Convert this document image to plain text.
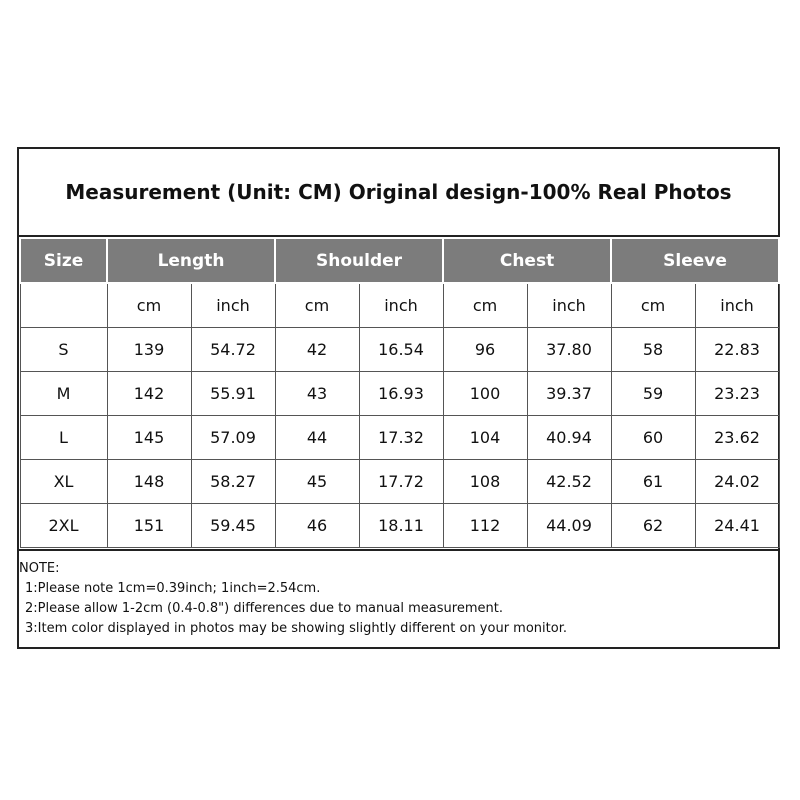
Measurement (Unit: CM) Original design-100% Real Photos
Size	Length		Shoulder		Chest		Sleeve	
	cm	inch	cm	inch	cm	inch	cm	inch
S	139	54.72	42	16.54	96	37.80	58	22.83
M	142	55.91	43	16.93	100	39.37	59	23.23
L	145	57.09	44	17.32	104	40.94	60	23.62
XL	148	58.27	45	17.72	108	42.52	61	24.02
2XL	151	59.45	46	18.11	112	44.09	62	24.41
NOTE:
1:Please note 1cm=0.39inch; 1inch=2.54cm.
2:Please allow 1-2cm (0.4-0.8") differences due to manual measurement.
3:Item color displayed in photos may be showing slightly different on your monitor.
